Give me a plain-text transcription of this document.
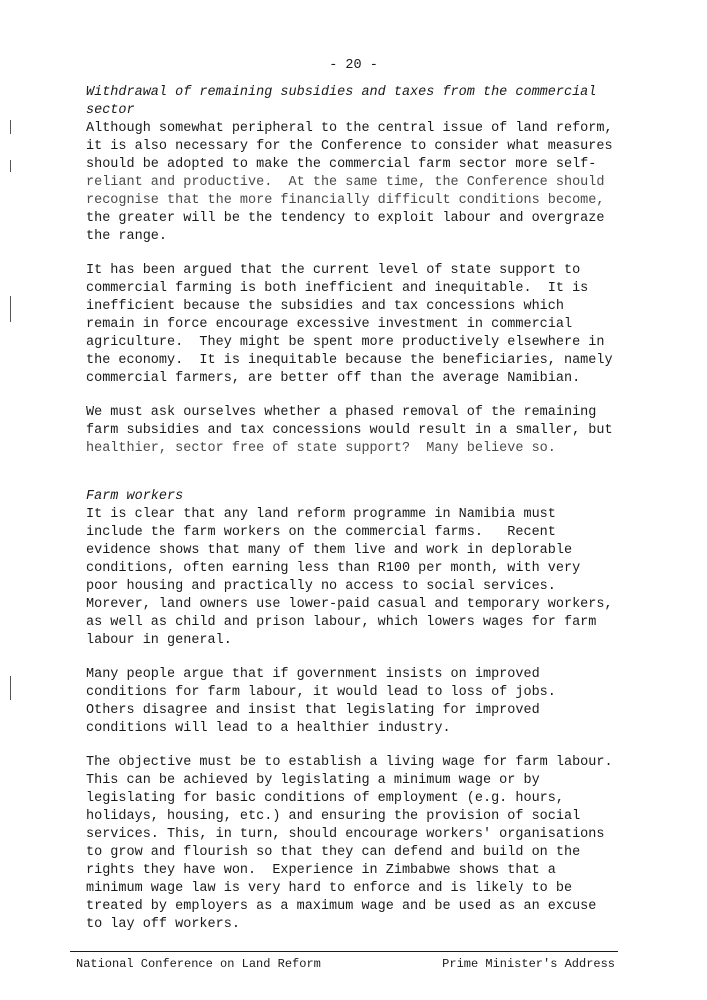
- 20 -
Withdrawal of remaining subsidies and taxes from the commercial
sector
Although somewhat peripheral to the central issue of land reform,
it is also necessary for the Conference to consider what measures
should be adopted to make the commercial farm sector more self-
reliant and productive.  At the same time, the Conference should
recognise that the more financially difficult conditions become,
the greater will be the tendency to exploit labour and overgraze
the range.
It has been argued that the current level of state support to
commercial farming is both inefficient and inequitable.  It is
inefficient because the subsidies and tax concessions which
remain in force encourage excessive investment in commercial
agriculture.  They might be spent more productively elsewhere in
the economy.  It is inequitable because the beneficiaries, namely
commercial farmers, are better off than the average Namibian.
We must ask ourselves whether a phased removal of the remaining
farm subsidies and tax concessions would result in a smaller, but
healthier, sector free of state support?  Many believe so.
Farm workers
It is clear that any land reform programme in Namibia must
include the farm workers on the commercial farms.   Recent
evidence shows that many of them live and work in deplorable
conditions, often earning less than R100 per month, with very
poor housing and practically no access to social services.
Morever, land owners use lower-paid casual and temporary workers,
as well as child and prison labour, which lowers wages for farm
labour in general.
Many people argue that if government insists on improved
conditions for farm labour, it would lead to loss of jobs.
Others disagree and insist that legislating for improved
conditions will lead to a healthier industry.
The objective must be to establish a living wage for farm labour.
This can be achieved by legislating a minimum wage or by
legislating for basic conditions of employment (e.g. hours,
holidays, housing, etc.) and ensuring the provision of social
services. This, in turn, should encourage workers' organisations
to grow and flourish so that they can defend and build on the
rights they have won.  Experience in Zimbabwe shows that a
minimum wage law is very hard to enforce and is likely to be
treated by employers as a maximum wage and be used as an excuse
to lay off workers.
National Conference on Land Reform	Prime Minister's Address
